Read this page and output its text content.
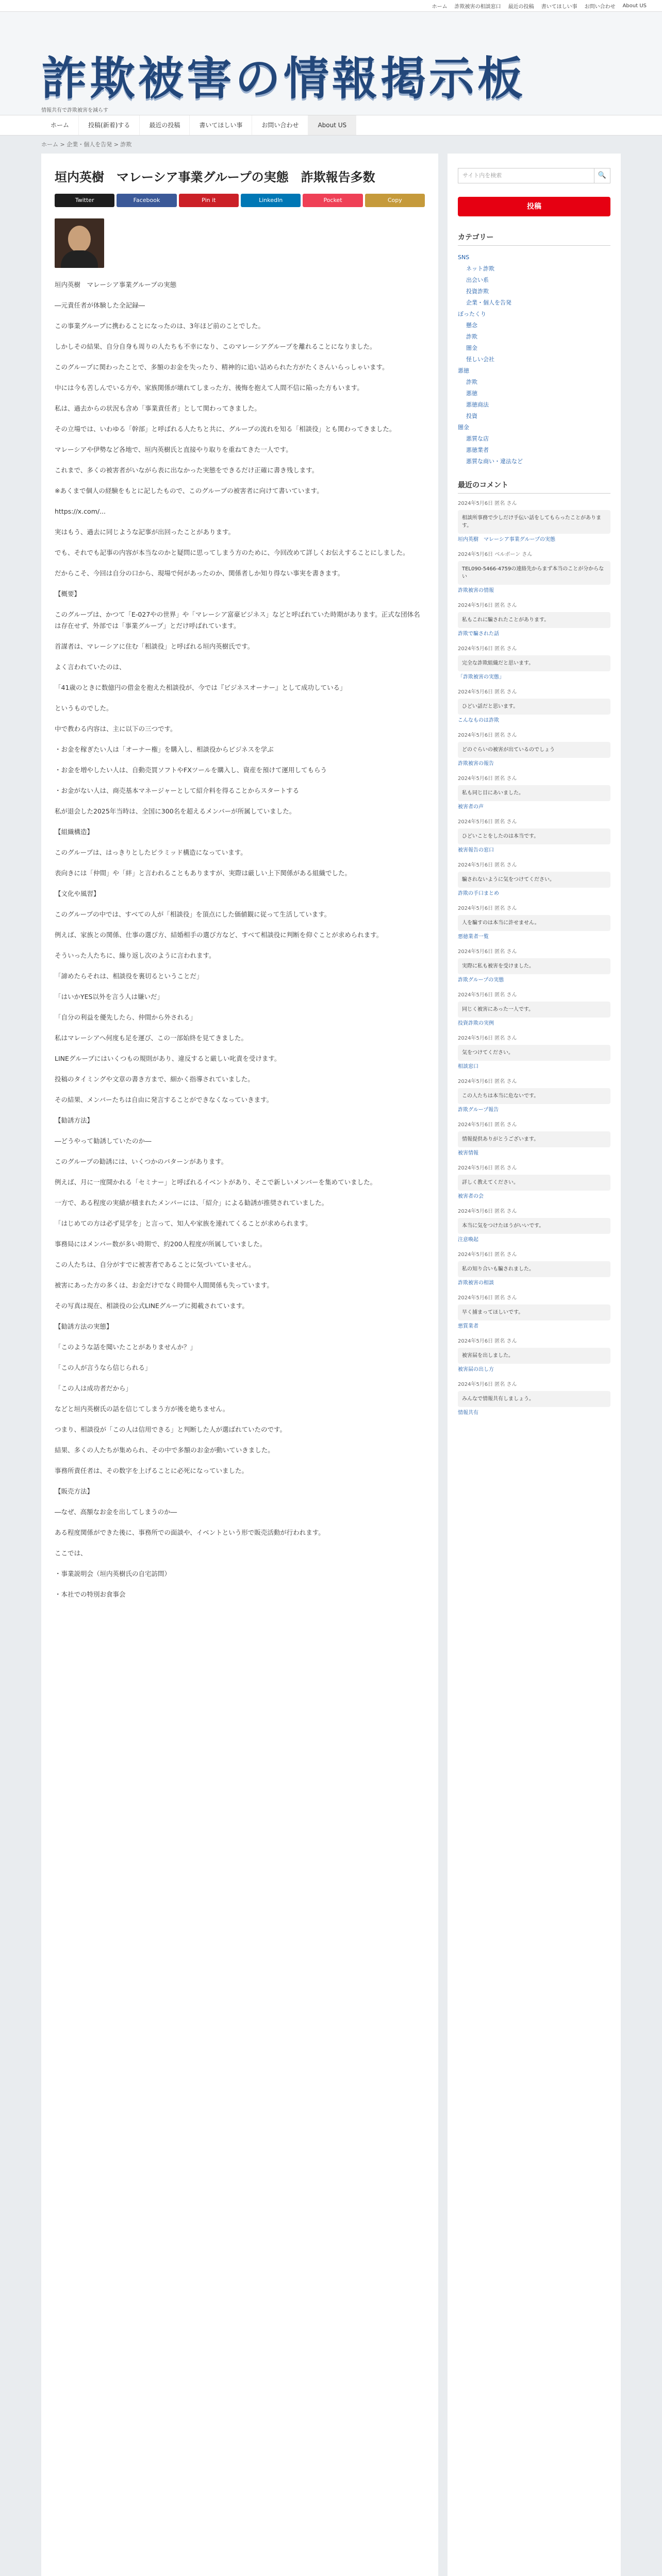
ホーム 詐欺被害の相談窓口 最近の投稿 書いてほしい事 お問い合わせ About US
詐欺被害の情報掲示板
情報共有で詐欺被害を減らす
ホーム	投稿(新着)する	最近の投稿	書いてほしい事	お問い合わせ	About US
ホーム > 企業・個人を告発 > 詐欺
垣内英樹　マレーシア事業グループの実態　詐欺報告多数
Twitter	Facebook	Pin it	LinkedIn	Pocket	Copy

垣内英樹　マレーシア事業グループの実態

―元責任者が体験した全記録―

この事業グループに携わることになったのは、3年ほど前のことでした。

しかしその結果、自分自身も周りの人たちも不幸になり、このマレーシアグループを離れることになりました。

このグループに関わったことで、多額のお金を失ったり、精神的に追い詰められた方がたくさんいらっしゃいます。

中には今も苦しんでいる方や、家族関係が壊れてしまった方、後悔を抱えて人間不信に陥った方もいます。

私は、過去からの状況も含め「事業責任者」として関わってきました。

その立場では、いわゆる「幹部」と呼ばれる人たちと共に、グループの流れを知る「相談役」とも関わってきました。

マレーシアや伊勢など各地で、垣内英樹氏と直接やり取りを重ねてきた一人です。

これまで、多くの被害者がいながら表に出なかった実態をできるだけ正確に書き残します。

※あくまで個人の経験をもとに記したもので、このグループの被害者に向けて書いています。

https://x.com/...

実はもう、過去に同じような記事が出回ったことがあります。

でも、それでも記事の内容が本当なのかと疑問に思ってしまう方のために、今回改めて詳しくお伝えすることにしました。

だからこそ、今回は自分の口から、現場で何があったのか、関係者しか知り得ない事実を書きます。

【概要】

このグループは、かつて「E-027やの世界」や「マレーシア富豪ビジネス」などと呼ばれていた時期があります。正式な団体名は存在せず、外部では「事業グループ」とだけ呼ばれています。

首謀者は、マレーシアに住む「相談役」と呼ばれる垣内英樹氏です。

よく言われていたのは、

「41歳のときに数億円の借金を抱えた相談役が、今では『ビジネスオーナー』として成功している」

というものでした。

中で教わる内容は、主に以下の三つです。

・お金を稼ぎたい人は「オーナー権」を購入し、相談役からビジネスを学ぶ

・お金を増やしたい人は、自動売買ソフトやFXツールを購入し、資産を預けて運用してもらう

・お金がない人は、商売基本マネージャーとして紹介料を得ることからスタートする

私が退会した2025年当時は、全国に300名を超えるメンバーが所属していました。

【組織構造】

このグループは、はっきりとしたピラミッド構造になっています。

表向きには「仲間」や「絆」と言われることもありますが、実際は厳しい上下関係がある組織でした。

【文化や風習】

このグループの中では、すべての人が「相談役」を頂点にした価値観に従って生活しています。

例えば、家族との関係、仕事の選び方、結婚相手の選び方など、すべて相談役に判断を仰ぐことが求められます。

そういった人たちに、繰り返し次のように言われます。

「諦めたらそれは、相談役を裏切るということだ」

「はいかYES以外を言う人は嫌いだ」

「自分の利益を優先したら、仲間から外される」

私はマレーシアへ何度も足を運び、この一部始終を見てきました。

LINEグループにはいくつもの規則があり、違反すると厳しい叱責を受けます。

投稿のタイミングや文章の書き方まで、細かく指導されていました。

その結果、メンバーたちは自由に発言することができなくなっていきます。

【勧誘方法】

―どうやって勧誘していたのか―

このグループの勧誘には、いくつかのパターンがあります。

例えば、月に一度開かれる「セミナー」と呼ばれるイベントがあり、そこで新しいメンバーを集めていました。

一方で、ある程度の実績が積まれたメンバーには、「紹介」による勧誘が推奨されていました。

「はじめての方は必ず見学を」と言って、知人や家族を連れてくることが求められます。

事務局にはメンバー数が多い時期で、約200人程度が所属していました。

この人たちは、自分がすでに被害者であることに気づいていません。

被害にあった方の多くは、お金だけでなく時間や人間関係も失っています。

その写真は現在、相談役の公式LINEグループに掲載されています。

【勧誘方法の実態】

「このような話を聞いたことがありませんか？」

「この人が言うなら信じられる」

「この人は成功者だから」

などと垣内英樹氏の話を信じてしまう方が後を絶ちません。

つまり、相談役が「この人は信用できる」と判断した人が選ばれていたのです。

結果、多くの人たちが集められ、その中で多額のお金が動いていきました。

事務所責任者は、その数字を上げることに必死になっていました。

【販売方法】

―なぜ、高額なお金を出してしまうのか―

ある程度関係ができた後に、事務所での面談や、イベントという形で販売活動が行われます。

ここでは、

・事業説明会（垣内英樹氏の自宅訪問）

・本社での特別お食事会

サイト内を検索	🔍
投稿
カテゴリー
SNS
ネット詐欺
出会い系
投資詐欺
企業・個人を告発
ぼったくり
懸念
詐欺
闇金
怪しい会社
悪徳
詐欺
悪徳
悪徳商法
投資
闇金
悪質な店
悪徳業者
悪質な商い・違法など
最近のコメント
2024年5月6日 匿名 さん
相談所事務で少しだけ手伝い話をしてもらったことがあります。
垣内英樹　マレーシア事業グループの実態
2024年5月6日 ベルボーン さん
TEL090-5466-4759の連絡先からまず本当のことが分からない
詐欺被害の情報
2024年5月6日 匿名 さん
私もこれに騙されたことがあります。
詐欺で騙された話
2024年5月6日 匿名 さん
完全な詐欺組織だと思います。
「詐欺被害の実態」
2024年5月6日 匿名 さん
ひどい話だと思います。
こんなものは詐欺
2024年5月6日 匿名 さん
どのぐらいの被害が出ているのでしょう
詐欺被害の報告
2024年5月6日 匿名 さん
私も同じ目にあいました。
被害者の声
2024年5月6日 匿名 さん
ひどいことをしたのは本当です。
被害報告の窓口
2024年5月6日 匿名 さん
騙されないように気をつけてください。
詐欺の手口まとめ
2024年5月6日 匿名 さん
人を騙すのは本当に許せません。
悪徳業者一覧
2024年5月6日 匿名 さん
実際に私も被害を受けました。
詐欺グループの実態
2024年5月6日 匿名 さん
同じく被害にあった一人です。
投資詐欺の実例
2024年5月6日 匿名 さん
気をつけてください。
相談窓口
2024年5月6日 匿名 さん
この人たちは本当に危ないです。
詐欺グループ報告
2024年5月6日 匿名 さん
情報提供ありがとうございます。
被害情報
2024年5月6日 匿名 さん
詳しく教えてください。
被害者の会
2024年5月6日 匿名 さん
本当に気をつけたほうがいいです。
注意喚起
2024年5月6日 匿名 さん
私の知り合いも騙されました。
詐欺被害の相談
2024年5月6日 匿名 さん
早く捕まってほしいです。
悪質業者
2024年5月6日 匿名 さん
被害届を出しました。
被害届の出し方
2024年5月6日 匿名 さん
みんなで情報共有しましょう。
情報共有
